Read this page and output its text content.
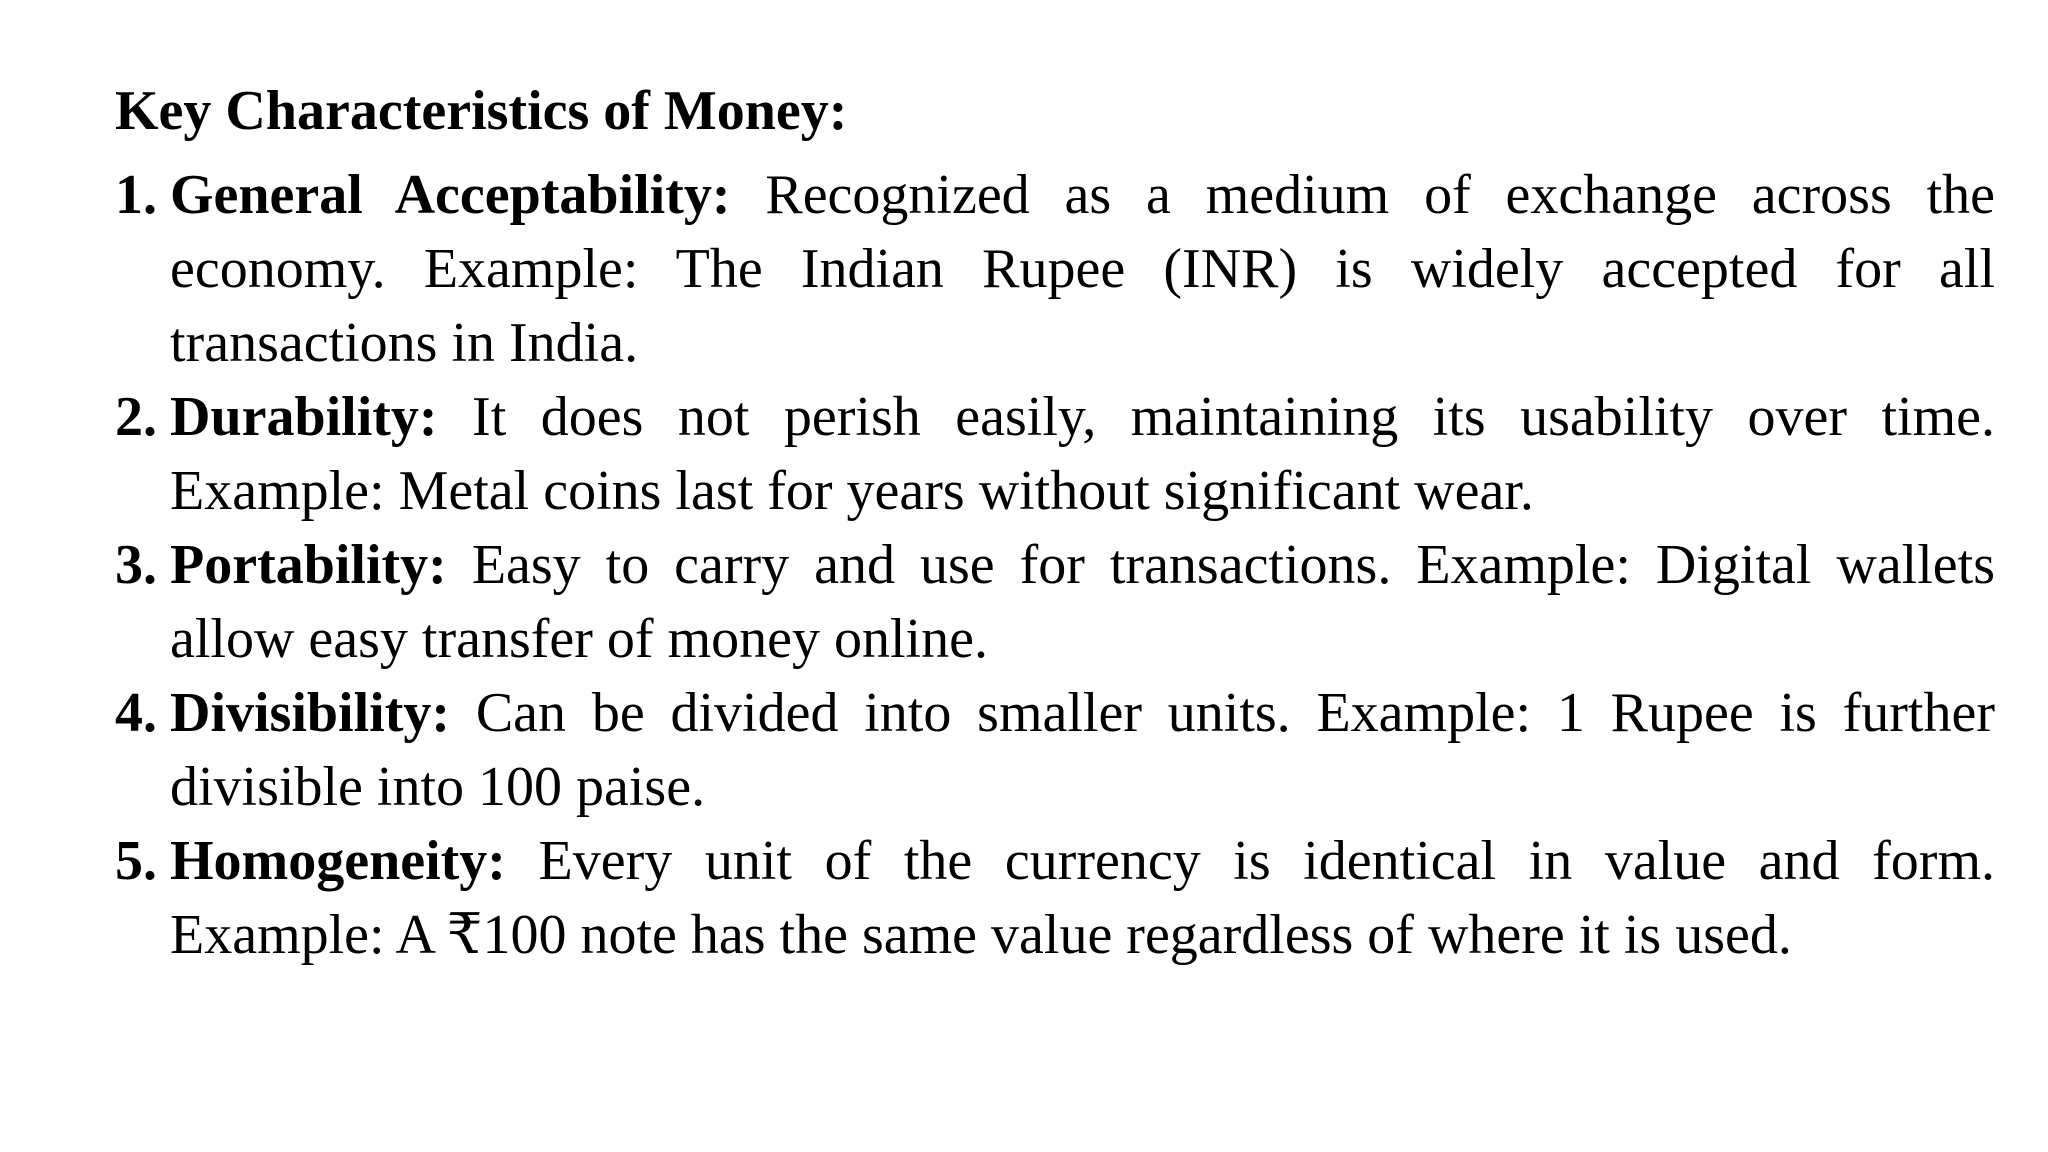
Key Characteristics of Money:
1. General Acceptability: Recognized as a medium of exchange across the economy. Example: The Indian Rupee (INR) is widely accepted for all transactions in India.
2. Durability: It does not perish easily, maintaining its usability over time. Example: Metal coins last for years without significant wear.
3. Portability: Easy to carry and use for transactions. Example: Digital wallets allow easy transfer of money online.
4. Divisibility: Can be divided into smaller units. Example: 1 Rupee is further divisible into 100 paise.
5. Homogeneity: Every unit of the currency is identical in value and form. Example: A ₹100 note has the same value regardless of where it is used.
